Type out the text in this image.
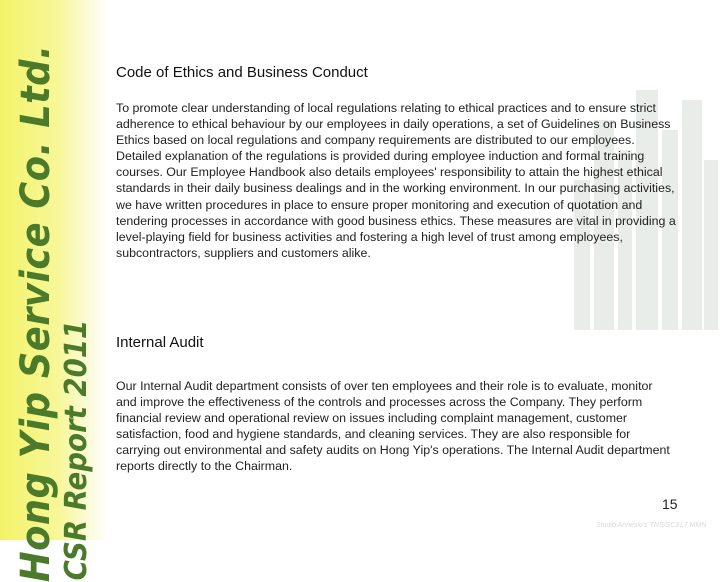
Hong Yip Service Co. Ltd. CSR Report 2011
Code of Ethics and Business Conduct
To promote clear understanding of local regulations relating to ethical practices and to ensure strict adherence to ethical behaviour by our employees in daily operations, a set of Guidelines on Business Ethics based on local regulations and company requirements are distributed to our employees. Detailed explanation of the regulations is provided during employee induction and formal training courses. Our Employee Handbook also details employees' responsibility to attain the highest ethical standards in their daily business dealings and in the working environment. In our purchasing activities, we have written procedures in place to ensure proper monitoring and execution of quotation and tendering processes in accordance with good business ethics. These measures are vital in providing a level-playing field for business activities and fostering a high level of trust among employees, subcontractors, suppliers and customers alike.
Internal Audit
Our Internal Audit department consists of over ten employees and their role is to evaluate, monitor and improve the effectiveness of the controls and processes across the Company. They perform financial review and operational review on issues including complaint management, customer satisfaction, food and hygiene standards, and cleaning services. They are also responsible for carrying out environmental and safety audits on Hong Yip's operations. The Internal Audit department reports directly to the Chairman.
15
Studio Anneslo's TNS/SCXL7 MMN
